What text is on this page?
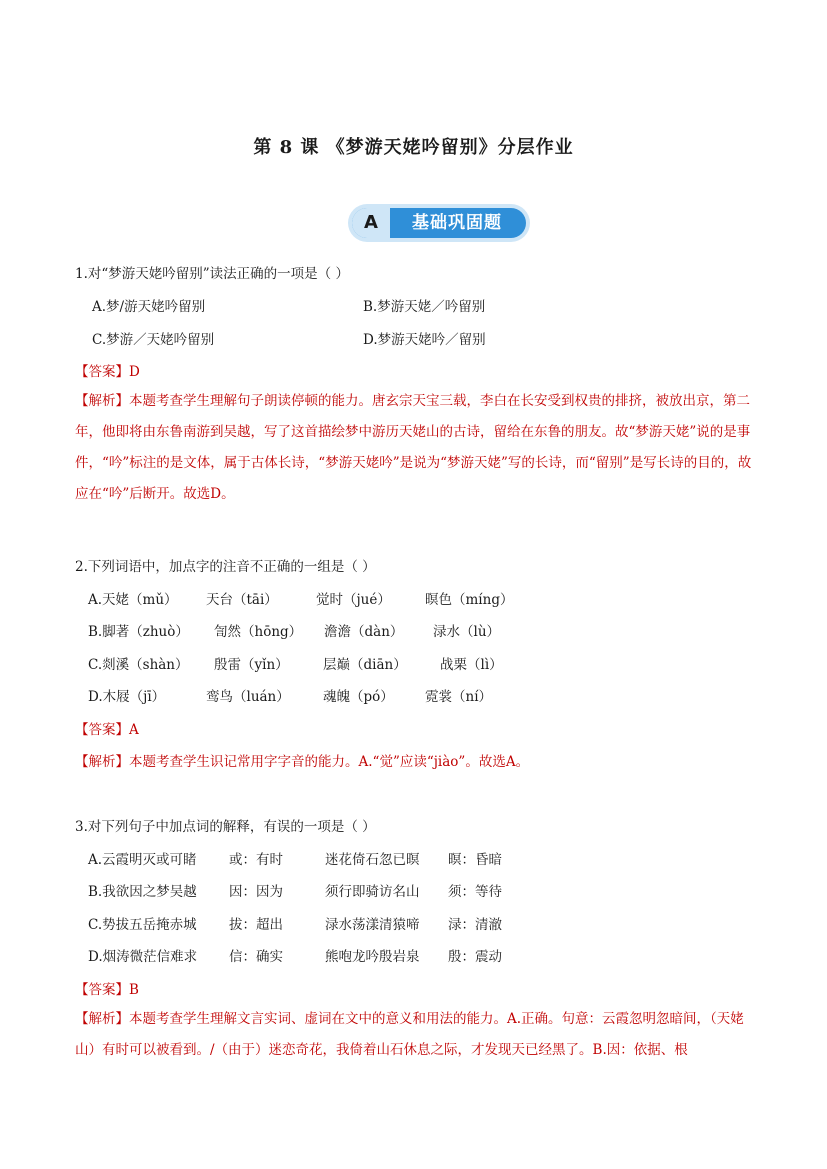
第 8 课 《梦游天姥吟留别》分层作业
A	基础巩固题
1.对“梦游天姥吟留别”读法正确的一项是（ ）
A.梦/游天姥吟留别	B.梦游天姥／吟留别
C.梦游／天姥吟留别	D.梦游天姥吟／留别
【答案】D
【解析】本题考查学生理解句子朗读停顿的能力。唐玄宗天宝三载，李白在长安受到权贵的排挤，被放出京，第二年，他即将由东鲁南游到吴越，写了这首描绘梦中游历天姥山的古诗，留给在东鲁的朋友。故“梦游天姥”说的是事件，“吟”标注的是文体，属于古体长诗，“梦游天姥吟”是说为“梦游天姥”写的长诗，而“留别”是写长诗的目的，故应在“吟”后断开。故选D。
2.下列词语中，加点字的注音不正确的一组是（ ）
A.天姥（mǔ） 天台（tāi）	觉时（jué）	暝色（míng）
B.脚著（zhuò） 訇然（hōng） 澹澹（dàn） 渌水（lù）
C.剡溪（shàn） 殷雷（yǐn）	层巅（diān） 战栗（lì）
D.木屐（jī）	鸾鸟（luán） 魂魄（pó） 霓裳（ní）
【答案】A
【解析】本题考查学生识记常用字字音的能力。A.“觉”应读“jiào”。故选A。
3.对下列句子中加点词的解释，有误的一项是（ ）
A.云霞明灭或可睹 或：有时	迷花倚石忽已暝 暝：昏暗
B.我欲因之梦吴越 因：因为	须行即骑访名山 须：等待
C.势拔五岳掩赤城 拔：超出	渌水荡漾清猿啼 渌：清澈
D.烟涛微茫信难求 信：确实	熊咆龙吟殷岩泉 殷：震动
【答案】B
【解析】本题考查学生理解文言实词、虚词在文中的意义和用法的能力。A.正确。句意：云霞忽明忽暗间，（天姥山）有时可以被看到。/（由于）迷恋奇花，我倚着山石休息之际，才发现天已经黑了。B.因：依据、根
